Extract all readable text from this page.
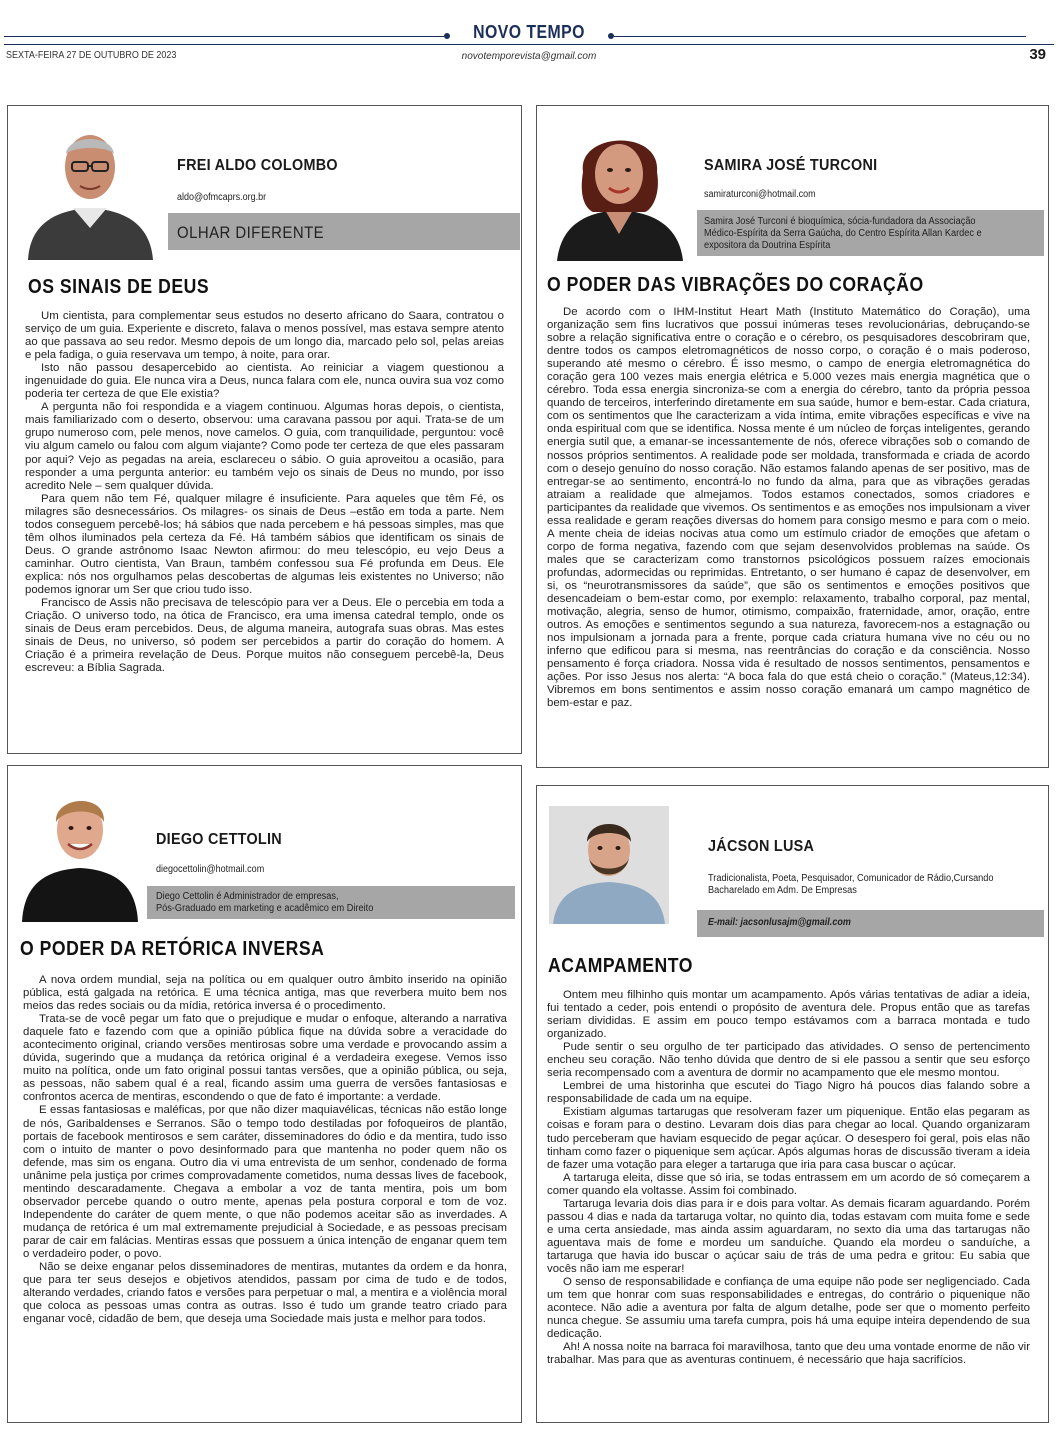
NOVO TEMPO
SEXTA-FEIRA 27 DE OUTUBRO DE 2023	novotemporevista@gmail.com	39
FREI ALDO COLOMBO
aldo@ofmcaprs.org.br
OLHAR DIFERENTE
OS SINAIS DE DEUS

Um cientista, para complementar seus estudos no deserto africano do Saara, contratou o serviço de um guia. Experiente e discreto, falava o menos possível, mas estava sempre atento ao que passava ao seu redor. Mesmo depois de um longo dia, marcado pelo sol, pelas areias e pela fadiga, o guia reservava um tempo, à noite, para orar.

Isto não passou desapercebido ao cientista. Ao reiniciar a viagem questionou a ingenuidade do guia. Ele nunca vira a Deus, nunca falara com ele, nunca ouvira sua voz como poderia ter certeza de que Ele existia?

A pergunta não foi respondida e a viagem continuou. Algumas horas depois, o cientista, mais familiarizado com o deserto, observou: uma caravana passou por aqui. Trata-se de um grupo numeroso com, pele menos, nove camelos. O guia, com tranquilidade, perguntou: você viu algum camelo ou falou com algum viajante? Como pode ter certeza de que eles passaram por aqui? Vejo as pegadas na areia, esclareceu o sábio. O guia aproveitou a ocasião, para responder a uma pergunta anterior: eu também vejo os sinais de Deus no mundo, por isso acredito Nele – sem qualquer dúvida.

Para quem não tem Fé, qualquer milagre é insuficiente. Para aqueles que têm Fé, os milagres são desnecessários. Os milagres- os sinais de Deus –estão em toda a parte. Nem todos conseguem percebê-los; há sábios que nada percebem e há pessoas simples, mas que têm olhos iluminados pela certeza da Fé. Há também sábios que identificam os sinais de Deus. O grande astrônomo Isaac Newton afirmou: do meu telescópio, eu vejo Deus a caminhar. Outro cientista, Van Braun, também confessou sua Fé profunda em Deus. Ele explica: nós nos orgulhamos pelas descobertas de algumas leis existentes no Universo; não podemos ignorar um Ser que criou tudo isso.

Francisco de Assis não precisava de telescópio para ver a Deus. Ele o percebia em toda a Criação. O universo todo, na ótica de Francisco, era uma imensa catedral templo, onde os sinais de Deus eram percebidos. Deus, de alguma maneira, autografa suas obras. Mas estes sinais de Deus, no universo, só podem ser percebidos a partir do coração do homem. A Criação é a primeira revelação de Deus. Porque muitos não conseguem percebê-la, Deus escreveu: a Bíblia Sagrada.

SAMIRA JOSÉ TURCONI
samiraturconi@hotmail.com
Samira José Turconi é bioquímica, sócia-fundadora da Associação Médico-Espírita da Serra Gaúcha, do Centro Espírita Allan Kardec e expositora da Doutrina Espírita
O PODER DAS VIBRAÇÕES DO CORAÇÃO

De acordo com o IHM-Institut Heart Math (Instituto Matemático do Coração), uma organização sem fins lucrativos que possui inúmeras teses revolucionárias, debruçando-se sobre a relação significativa entre o coração e o cérebro, os pesquisadores descobriram que, dentre todos os campos eletromagnéticos de nosso corpo, o coração é o mais poderoso, superando até mesmo o cérebro. É isso mesmo, o campo de energia eletromagnética do coração gera 100 vezes mais energia elétrica e 5.000 vezes mais energia magnética que o cérebro. Toda essa energia sincroniza-se com a energia do cérebro, tanto da própria pessoa quando de terceiros, interferindo diretamente em sua saúde, humor e bem-estar. Cada criatura, com os sentimentos que lhe caracterizam a vida íntima, emite vibrações específicas e vive na onda espiritual com que se identifica. Nossa mente é um núcleo de forças inteligentes, gerando energia sutil que, a emanar-se incessantemente de nós, oferece vibrações sob o comando de nossos próprios sentimentos. A realidade pode ser moldada, transformada e criada de acordo com o desejo genuíno do nosso coração. Não estamos falando apenas de ser positivo, mas de entregar-se ao sentimento, encontrá-lo no fundo da alma, para que as vibrações geradas atraiam a realidade que almejamos. Todos estamos conectados, somos criadores e participantes da realidade que vivemos. Os sentimentos e as emoções nos impulsionam a viver essa realidade e geram reações diversas do homem para consigo mesmo e para com o meio. A mente cheia de ideias nocivas atua como um estímulo criador de emoções que afetam o corpo de forma negativa, fazendo com que sejam desenvolvidos problemas na saúde. Os males que se caracterizam como transtornos psicológicos possuem raízes emocionais profundas, adormecidas ou reprimidas. Entretanto, o ser humano é capaz de desenvolver, em si, os “neurotransmissores da saúde”, que são os sentimentos e emoções positivos que desencadeiam o bem-estar como, por exemplo: relaxamento, trabalho corporal, paz mental, motivação, alegria, senso de humor, otimismo, compaixão, fraternidade, amor, oração, entre outros. As emoções e sentimentos segundo a sua natureza, favorecem-nos a estagnação ou nos impulsionam a jornada para a frente, porque cada criatura humana vive no céu ou no inferno que edificou para si mesma, nas reentrâncias do coração e da consciência. Nosso pensamento é força criadora. Nossa vida é resultado de nossos sentimentos, pensamentos e ações. Por isso Jesus nos alerta: “A boca fala do que está cheio o coração.” (Mateus,12:34). Vibremos em bons sentimentos e assim nosso coração emanará um campo magnético de bem-estar e paz.

DIEGO CETTOLIN
diegocettolin@hotmail.com
Diego Cettolin é Administrador de empresas,
Pós-Graduado em marketing e acadêmico em Direito
O PODER DA RETÓRICA INVERSA

A nova ordem mundial, seja na política ou em qualquer outro âmbito inserido na opinião pública, está galgada na retórica. E uma técnica antiga, mas que reverbera muito bem nos meios das redes sociais ou da mídia, retórica inversa é o procedimento.

Trata-se de você pegar um fato que o prejudique e mudar o enfoque, alterando a narrativa daquele fato e fazendo com que a opinião pública fique na dúvida sobre a veracidade do acontecimento original, criando versões mentirosas sobre uma verdade e provocando assim a dúvida, sugerindo que a mudança da retórica original é a verdadeira exegese. Vemos isso muito na política, onde um fato original possui tantas versões, que a opinião pública, ou seja, as pessoas, não sabem qual é a real, ficando assim uma guerra de versões fantasiosas e confrontos acerca de mentiras, escondendo o que de fato é importante: a verdade.

E essas fantasiosas e maléficas, por que não dizer maquiavélicas, técnicas não estão longe de nós, Garibaldenses e Serranos. São o tempo todo destiladas por fofoqueiros de plantão, portais de facebook mentirosos e sem caráter, disseminadores do ódio e da mentira, tudo isso com o intuito de manter o povo desinformado para que mantenha no poder quem não os defende, mas sim os engana. Outro dia vi uma entrevista de um senhor, condenado de forma unânime pela justiça por crimes comprovadamente cometidos, numa dessas lives de facebook, mentindo descaradamente. Chegava a embolar a voz de tanta mentira, pois um bom observador percebe quando o outro mente, apenas pela postura corporal e tom de voz. Independente do caráter de quem mente, o que não podemos aceitar são as inverdades. A mudança de retórica é um mal extremamente prejudicial à Sociedade, e as pessoas precisam parar de cair em falácias. Mentiras essas que possuem a única intenção de enganar quem tem o verdadeiro poder, o povo.

Não se deixe enganar pelos disseminadores de mentiras, mutantes da ordem e da honra, que para ter seus desejos e objetivos atendidos, passam por cima de tudo e de todos, alterando verdades, criando fatos e versões para perpetuar o mal, a mentira e a violência moral que coloca as pessoas umas contra as outras. Isso é tudo um grande teatro criado para enganar você, cidadão de bem, que deseja uma Sociedade mais justa e melhor para todos.

JÁCSON LUSA
Tradicionalista, Poeta, Pesquisador, Comunicador de Rádio,Cursando
Bacharelado em Adm. De Empresas
E-mail: jacsonlusajm@gmail.com
ACAMPAMENTO

Ontem meu filhinho quis montar um acampamento. Após várias tentativas de adiar a ideia, fui tentado a ceder, pois entendi o propósito de aventura dele. Propus então que as tarefas seriam divididas. E assim em pouco tempo estávamos com a barraca montada e tudo organizado.

Pude sentir o seu orgulho de ter participado das atividades. O senso de pertencimento encheu seu coração. Não tenho dúvida que dentro de si ele passou a sentir que seu esforço seria recompensado com a aventura de dormir no acampamento que ele mesmo montou.

Lembrei de uma historinha que escutei do Tiago Nigro há poucos dias falando sobre a responsabilidade de cada um na equipe.

Existiam algumas tartarugas que resolveram fazer um piquenique. Então elas pegaram as coisas e foram para o destino. Levaram dois dias para chegar ao local. Quando organizaram tudo perceberam que haviam esquecido de pegar açúcar. O desespero foi geral, pois elas não tinham como fazer o piquenique sem açúcar. Após algumas horas de discussão tiveram a ideia de fazer uma votação para eleger a tartaruga que iria para casa buscar o açúcar.

A tartaruga eleita, disse que só iria, se todas entrassem em um acordo de só começarem a comer quando ela voltasse. Assim foi combinado.

Tartaruga levaria dois dias para ir e dois para voltar. As demais ficaram aguardando. Porém passou 4 dias e nada da tartaruga voltar, no quinto dia, todas estavam com muita fome e sede e uma certa ansiedade, mas ainda assim aguardaram, no sexto dia uma das tartarugas não aguentava mais de fome e mordeu um sanduíche. Quando ela mordeu o sanduíche, a tartaruga que havia ido buscar o açúcar saiu de trás de uma pedra e gritou: Eu sabia que vocês não iam me esperar!

O senso de responsabilidade e confiança de uma equipe não pode ser negligenciado. Cada um tem que honrar com suas responsabilidades e entregas, do contrário o piquenique não acontece. Não adie a aventura por falta de algum detalhe, pode ser que o momento perfeito nunca chegue. Se assumiu uma tarefa cumpra, pois há uma equipe inteira dependendo de sua dedicação.

Ah! A nossa noite na barraca foi maravilhosa, tanto que deu uma vontade enorme de não vir trabalhar. Mas para que as aventuras continuem, é necessário que haja sacrifícios.
